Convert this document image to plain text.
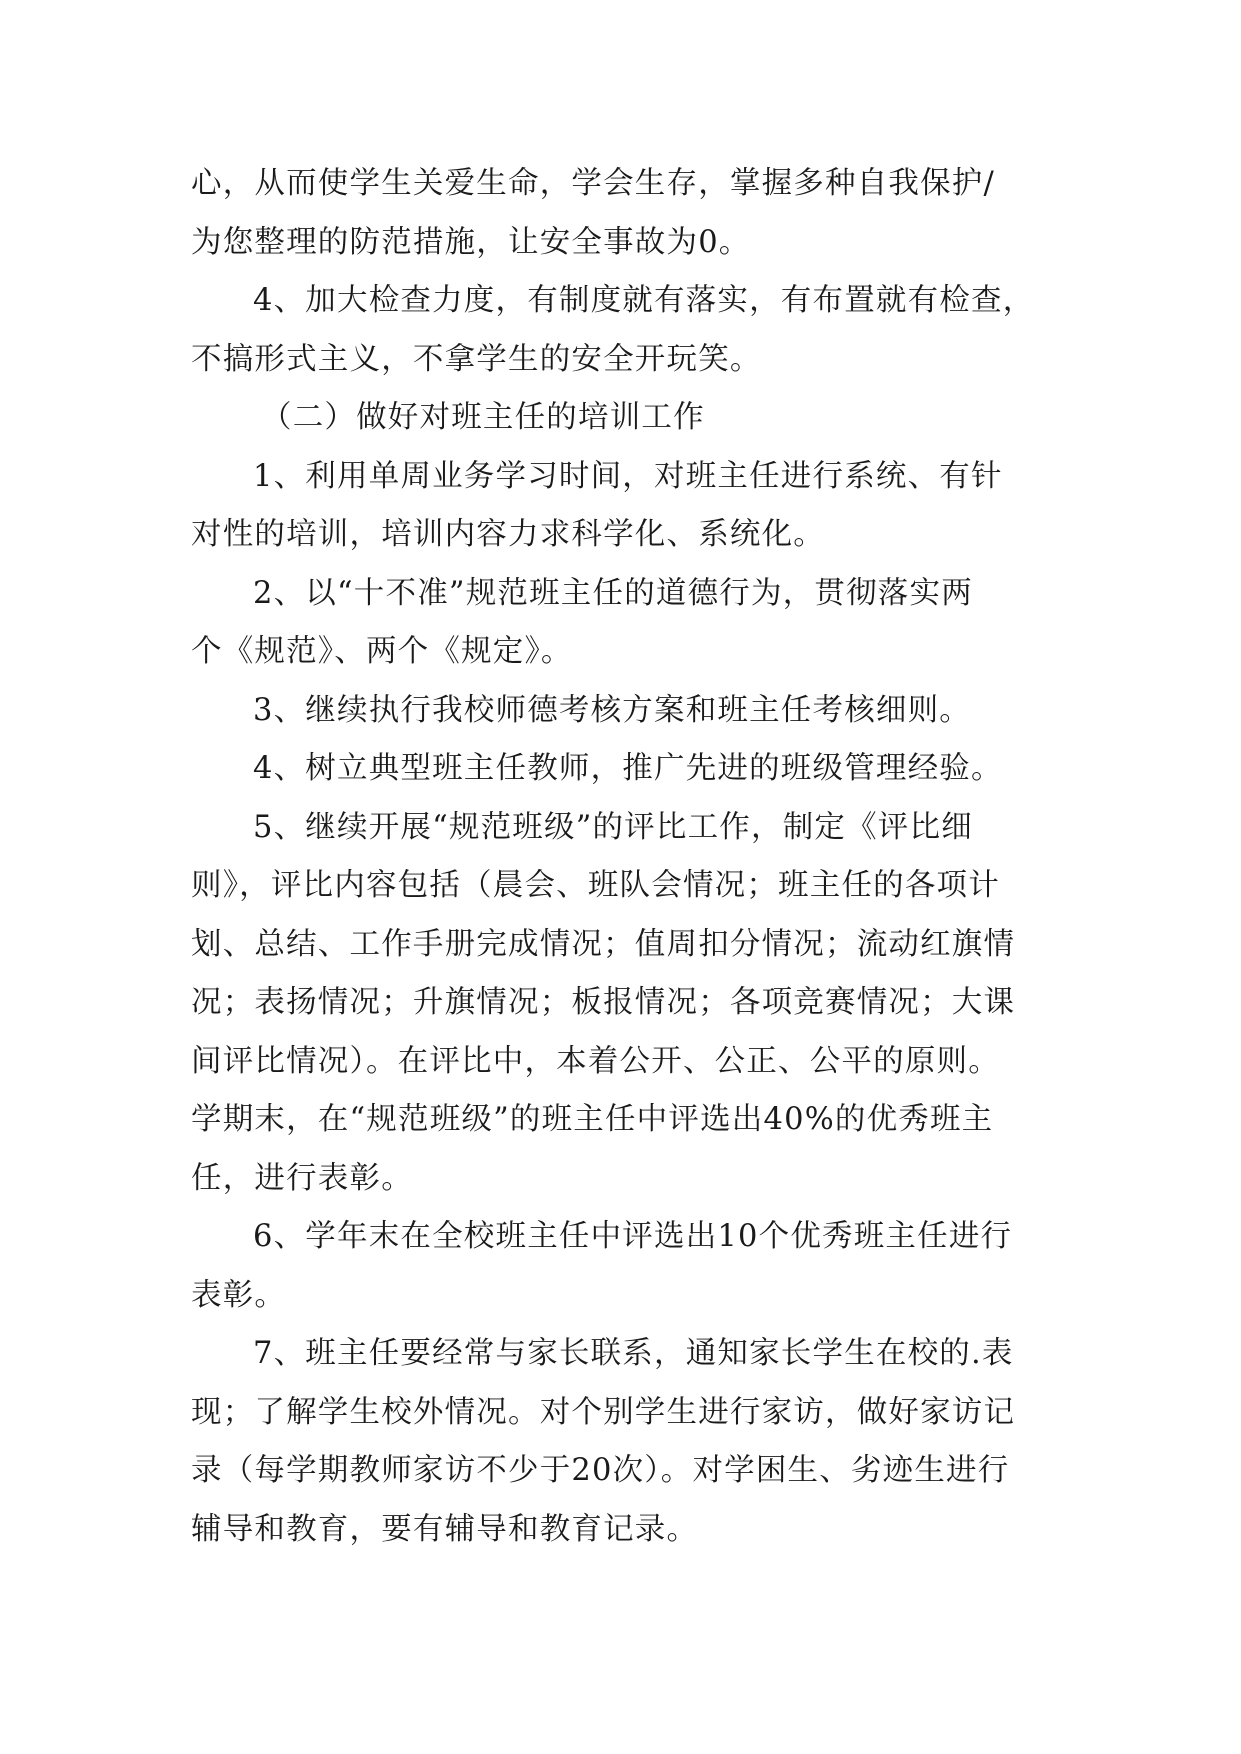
心，从而使学生关爱生命，学会生存，掌握多种自我保护/
为您整理的防范措施，让安全事故为0。
4、加大检查力度，有制度就有落实，有布置就有检查，
不搞形式主义，不拿学生的安全开玩笑。
（二）做好对班主任的培训工作
1、利用单周业务学习时间，对班主任进行系统、有针
对性的培训，培训内容力求科学化、系统化。
2、以“十不准”规范班主任的道德行为，贯彻落实两
个《规范》、两个《规定》。
3、继续执行我校师德考核方案和班主任考核细则。
4、树立典型班主任教师，推广先进的班级管理经验。
5、继续开展“规范班级”的评比工作，制定《评比细
则》，评比内容包括（晨会、班队会情况；班主任的各项计
划、总结、工作手册完成情况；值周扣分情况；流动红旗情
况；表扬情况；升旗情况；板报情况；各项竞赛情况；大课
间评比情况）。在评比中，本着公开、公正、公平的原则。
学期末，在“规范班级”的班主任中评选出40%的优秀班主
任，进行表彰。
6、学年末在全校班主任中评选出10个优秀班主任进行
表彰。
7、班主任要经常与家长联系，通知家长学生在校的.表
现；了解学生校外情况。对个别学生进行家访，做好家访记
录（每学期教师家访不少于20次）。对学困生、劣迹生进行
辅导和教育，要有辅导和教育记录。
